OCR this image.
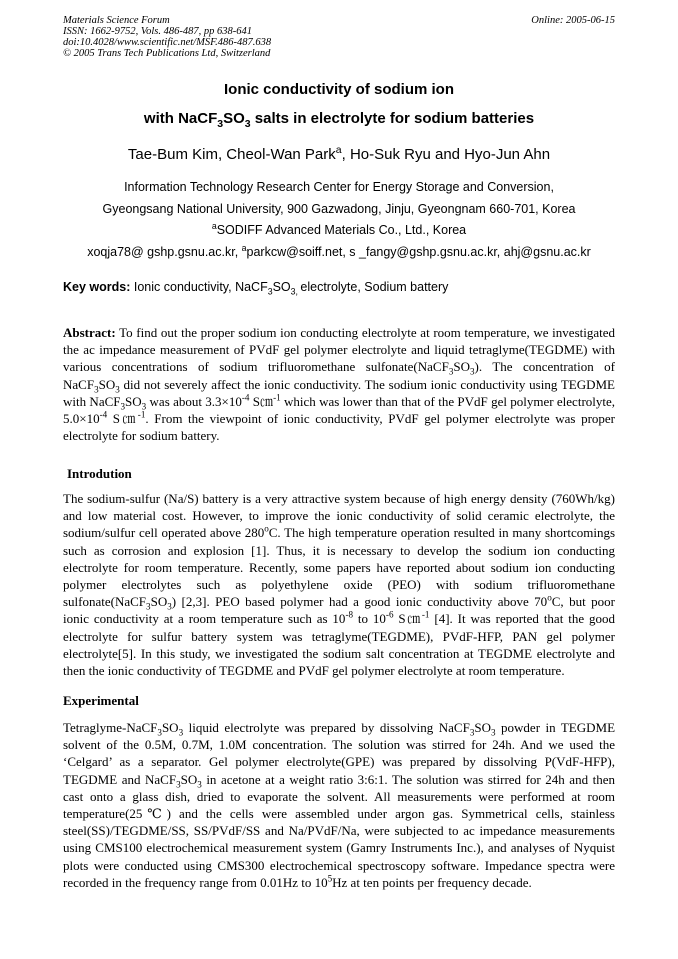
Materials Science Forum
ISSN: 1662-9752, Vols. 486-487, pp 638-641
doi:10.4028/www.scientific.net/MSF.486-487.638
© 2005 Trans Tech Publications Ltd, Switzerland
Online: 2005-06-15
Ionic conductivity of sodium ion
with $NaCF_3SO_3$ salts in electrolyte for sodium batteries
Tae-Bum Kim, Cheol-Wan Park$^a$, Ho-Suk Ryu and Hyo-Jun Ahn
Information Technology Research Center for Energy Storage and Conversion,
Gyeongsang National University, 900 Gazwadong, Jinju, Gyeongnam 660-701, Korea
$^a$SODIFF Advanced Materials Co., Ltd., Korea
xoqja78@ gshp.gsnu.ac.kr, $^a$parkcw@soiff.net, s _fangy@gshp.gsnu.ac.kr, ahj@gsnu.ac.kr
Key words: Ionic conductivity, $NaCF_3SO_{3,}$ electrolyte, Sodium battery
Abstract: To find out the proper sodium ion conducting electrolyte at room temperature, we investigated the ac impedance measurement of PVdF gel polymer electrolyte and liquid tetraglyme(TEGDME) with various concentrations of sodium trifluoromethane $sulfonate(NaCF_3SO_3)$. The concentration of $NaCF_3SO_3$ did not severely affect the ionic conductivity. The sodium ionic conductivity using TEGDME with $NaCF_3SO_3$ was about $3.3\times 10^{-4}$ S㎝$^{-1}$ which was lower than that of the PVdF gel polymer electrolyte, $5.0\times 10^{-4}$ S㎝$^{-1}$. From the viewpoint of ionic conductivity, PVdF gel polymer electrolyte was proper electrolyte for sodium battery.
Introdution
The sodium-sulfur (Na/S) battery is a very attractive system because of high energy density (760Wh/kg) and low material cost. However, to improve the ionic conductivity of solid ceramic electrolyte, the sodium/sulfur cell operated above 280$^o$C. The high temperature operation resulted in many shortcomings such as corrosion and explosion [1]. Thus, it is necessary to develop the sodium ion conducting electrolyte for room temperature. Recently, some papers have reported about sodium ion conducting polymer electrolytes such as polyethylene oxide (PEO) with sodium trifluoromethane $sulfonate(NaCF_3SO_3)$ [2,3]. PEO based polymer had a good ionic conductivity above 70$^o$C, but poor ionic conductivity at a room temperature such as $10^{-8}$ to $10^{-6}$ S㎝$^{-1}$ [4]. It was reported that the good electrolyte for sulfur battery system was tetraglyme(TEGDME), PVdF-HFP, PAN gel polymer electrolyte[5]. In this study, we investigated the sodium salt concentration at TEGDME electrolyte and then the ionic conductivity of TEGDME and PVdF gel polymer electrolyte at room temperature.
Experimental
Tetraglyme-$NaCF_3SO_3$ liquid electrolyte was prepared by dissolving $NaCF_3SO_3$ powder in TEGDME solvent of the 0.5M, 0.7M, 1.0M concentration. The solution was stirred for 24h. And we used the ‘Celgard’ as a separator. Gel polymer electrolyte(GPE) was prepared by dissolving P(VdF-HFP), TEGDME and $NaCF_3SO_3$ in acetone at a weight ratio 3:6:1. The solution was stirred for 24h and then cast onto a glass dish, dried to evaporate the solvent. All measurements were performed at room temperature(25℃) and the cells were assembled under argon gas. Symmetrical cells, stainless steel(SS)/TEGDME/SS, SS/PVdF/SS and Na/PVdF/Na, were subjected to ac impedance measurements using CMS100 electrochemical measurement system (Gamry Instruments Inc.), and analyses of Nyquist plots were conducted using CMS300 electrochemical spectroscopy software. Impedance spectra were recorded in the frequency range from 0.01Hz to $10^5Hz$ at ten points per frequency decade.
